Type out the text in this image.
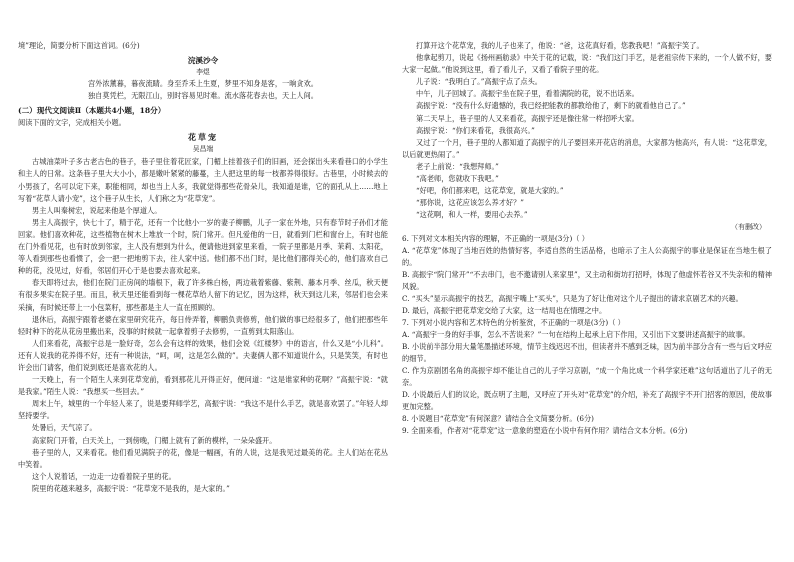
境”理论，简要分析下面这首词。(6分)

浣溪沙令

李煜

宫外浓薰暮，暮夜流睛。身至乔禾上生夏，梦里不知身是客，一晌贪欢。

独自莫凭栏，无限江山，别时容易见时难。流水落花春去也，天上人间。

(二）现代文阅读Ⅱ（本题共4小题，18分）

阅读下面的文字，完成相关小题。

花草宠

吴昌端

古城油菜叶子多古老古色的巷子，巷子里住着花匠家，门楣上挂着孩子们的旧画，还会探出头来看巷口的小学生和主人的日常。这条巷子里大大小小，都是嫩叶紧紧的藤蔓，主人把这里的每一枝都养得很好。古巷里，小时候去的小男孩了，名可以定下来，职能相同，却也当上人多，我就觉得那些花骨朵儿，我知道是谁，它的面孔从上……地上写着“花草人请小宠”，这个巷子从生长，人们称之为“花草宠”。

男主人叫秦树宏，说起来他是个厚道人。

男主人高振宇，快七十了，精于花，还有一个比他小一岁的妻子柳鹏，儿子一家在外地，只有春节时子孙们才能回家。他们喜欢种花，这些植物在树木上堆放一个时，院门常开。但凡爱他的一日，就看到门栏和窗台上，有时也能在门外看见花，也有时放到邻家，主人没有想到为什么，便请他进到家里来看，一院子里都是月季、茉莉、太阳花，等人看到那些也看惯了，会一把一把地剪下去，往人家中送。他们都不出门时，是比他们都得关心的，他们喜欢自己种的花，没见过，好看，邻居们开心于是也要去喜欢起来。

春天即将过去，他们在院门正房间的墙根下，栽了许多株白杨，两边栽着紫藤、紫荆、藤本月季、丝瓜，秋天便有很多果实在院子里。而且，秋天里还能看到每一棵花草给人留下的记忆，因为这样，秋天到这儿来，邻居们也会来采摘，有时候还带上一小包菜籽，那些都是主人一直在照顾的。

退休后，高振宇跟着老婆在家里研究花卉，每日侍弄着，柳鹏负责修剪，他们做的事已经很多了，他们把那些年轻时种下的花从花房里搬出来，没事的时候就一起拿着剪子去修剪，一直剪到太阳落山。

人们来看花，高振宇总是一脸好奇，怎么会有这样的效果，他们会说《红楼梦》中的语言，什么又是“小儿科”。还有人说我的花养得不好，还有一种说法，“呵，呵，这是怎么做的”。夫妻俩人都不知道说什么，只是笑笑，有时也许会出门请客，他们说到底还是喜欢花的人。

一天晚上，有一个陌生人来到花草宠前，看到那花儿开得正好，便问道：“这是谁家种的花啊？”高振宇说：“就是我家。”陌生人说：“我想买一些回去。”

周末上午，城里的一个年轻人来了，说是要拜师学艺，高振宇说：“我这不是什么手艺，就是喜欢罢了。”年轻人却坚持要学。

处暑后，天气凉了。

高家院门开着，白天关上，一到傍晚，门楣上就有了新的模样，一朵朵盛开。

巷子里的人，又来看花。他们看见满院子的花，像是一幅画，有的人说，这是我见过最美的花。主人们站在花丛中笑着。

这个人说着话，一边走一边看着院子里的花。

院里的花越来越多，高振宇说：“花草宠不是我的，是大家的。”

打算开这个花草宠，我的儿子也来了，他说：“爸，这花真好看，您教我吧！”高振宇笑了。

他拿起剪刀，说起《扬州画舫录》中关于花的记载，说：“我们这门手艺，是老祖宗传下来的，一个人做不好，要大家一起做。”他说到这里，看了看儿子，又看了看院子里的花。

儿子说：“我明白了。”高振宇点了点头。

中午，儿子回城了。高振宇坐在院子里，看着满院的花，说不出话来。

高振宇说：“没有什么好遗憾的，我已经把能教的都教给他了，剩下的就看他自己了。”

第二天早上，巷子里的人又来看花，高振宇还是像往常一样招呼大家。

高振宇说：“你们来看花，我很高兴。”

又过了一个月，巷子里的人都知道了高振宇的儿子要回来开花店的消息，大家都为他高兴，有人说：“这花草宠，以后就更热闹了。”

老子上前说：“我想拜师。”

“高老师，您就收下我吧。”

“好吧，你们都来吧，这花草宠，就是大家的。”

“那你说，这花应该怎么养才好？”

“这花啊，和人一样，要用心去养。”

（有删改）

6. 下列对文本相关内容的理解，不正确的一项是(3分)（ ）

A. “花草宠”体现了当地百姓的热情好客，李适自然的生活品格，也暗示了主人公高振宇的事业是保证在当地生根了的。

B. 高振宇“院门常开”“不去串门，也不邀请别人来家里”，又主动和街坊打招呼，体现了他虚怀若谷又不失亲和的精神风貌。

C. “买头”显示高振宇的技艺，高振宇嘴上“买头”，只是为了好让他对这个儿子提出的请求京剧艺术的兴趣。

D. 最后，高振宇把花草宠交给了大家，这一结局也在情理之中。

7. 下列对小说内容和艺术特色的分析鉴赏，不正确的一项是(3分)（ ）

A. “高振宇一身的好手事，怎么不苦说来？”一句在结构上起承上启下作用，又引出下文要讲述高振宇的故事。

B. 小说前半部分用大量笔墨描述环境，情节主线迟迟不出，但读者并不感到乏味，因为前半部分含有一些与后文呼应的细节。

C. 作为京剧团名角的高振宇却不能让自己的儿子学习京剧，“成一个角比成一个科学家还难”这句话道出了儿子的无奈。

D. 小说最后人们的议论，既点明了主题，又呼应了开头对“花草宠”的介绍，补充了高振宇不开门招客的原因，使故事更加完整。

8. 小说题目“花草宠”有何深意？请结合全文简要分析。(6分)

9. 全面来看，作者对“花草宠”这一意象的塑造在小说中有何作用？请结合文本分析。(6分)
